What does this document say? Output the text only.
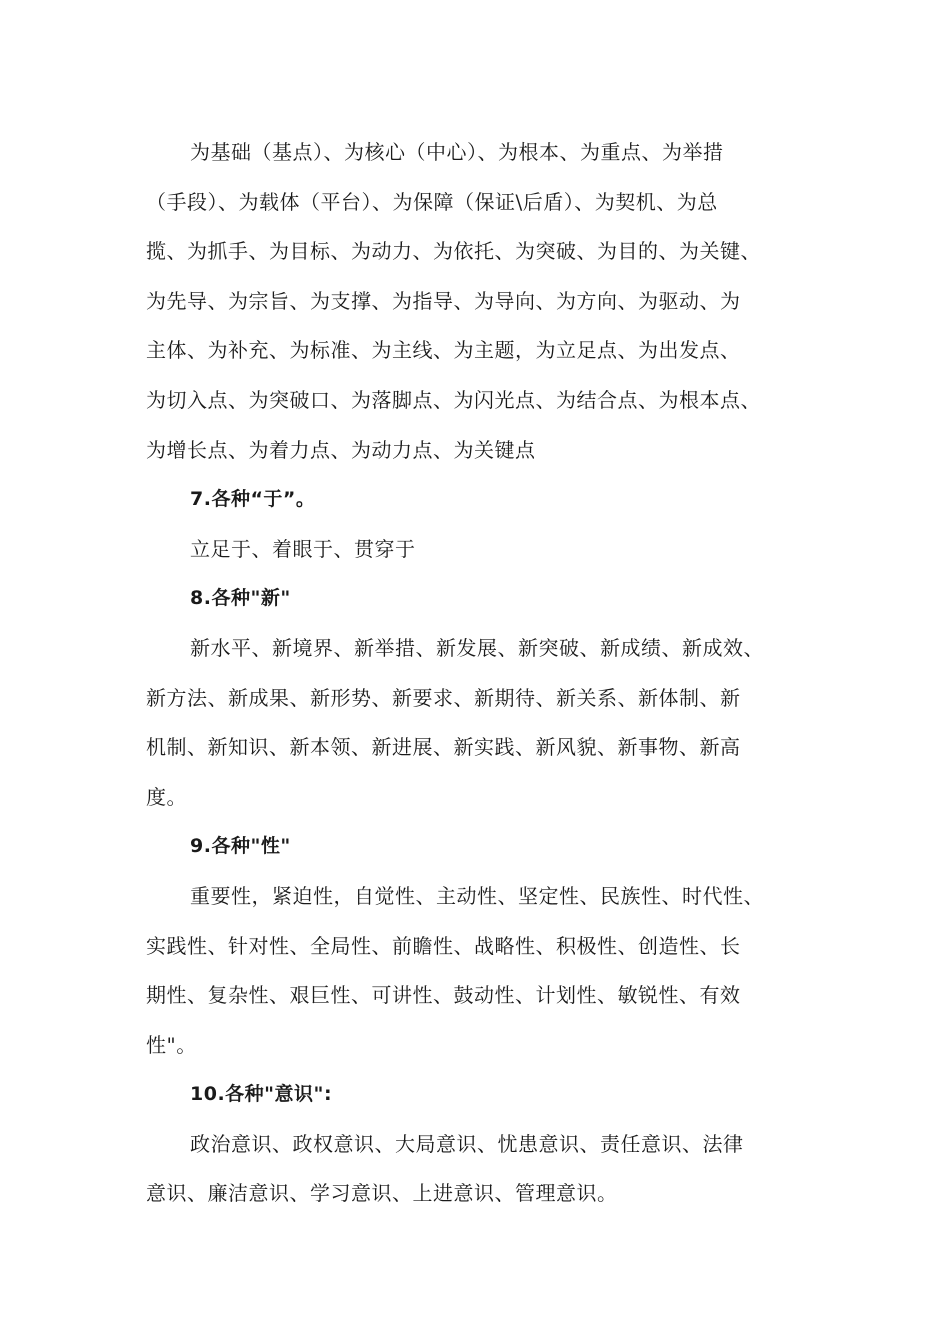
为基础（基点）、为核心（中心）、为根本、为重点、为举措
（手段）、为载体（平台）、为保障（保证\后盾）、为契机、为总
揽、为抓手、为目标、为动力、为依托、为突破、为目的、为关键、
为先导、为宗旨、为支撑、为指导、为导向、为方向、为驱动、为
主体、为补充、为标准、为主线、为主题，为立足点、为出发点、
为切入点、为突破口、为落脚点、为闪光点、为结合点、为根本点、
为增长点、为着力点、为动力点、为关键点
7.各种“于”。
立足于、着眼于、贯穿于
8.各种"新"
新水平、新境界、新举措、新发展、新突破、新成绩、新成效、
新方法、新成果、新形势、新要求、新期待、新关系、新体制、新
机制、新知识、新本领、新进展、新实践、新风貌、新事物、新高
度。
9.各种"性"
重要性，紧迫性，自觉性、主动性、坚定性、民族性、时代性、
实践性、针对性、全局性、前瞻性、战略性、积极性、创造性、长
期性、复杂性、艰巨性、可讲性、鼓动性、计划性、敏锐性、有效
性"。
10.各种"意识":
政治意识、政权意识、大局意识、忧患意识、责任意识、法律
意识、廉洁意识、学习意识、上进意识、管理意识。
